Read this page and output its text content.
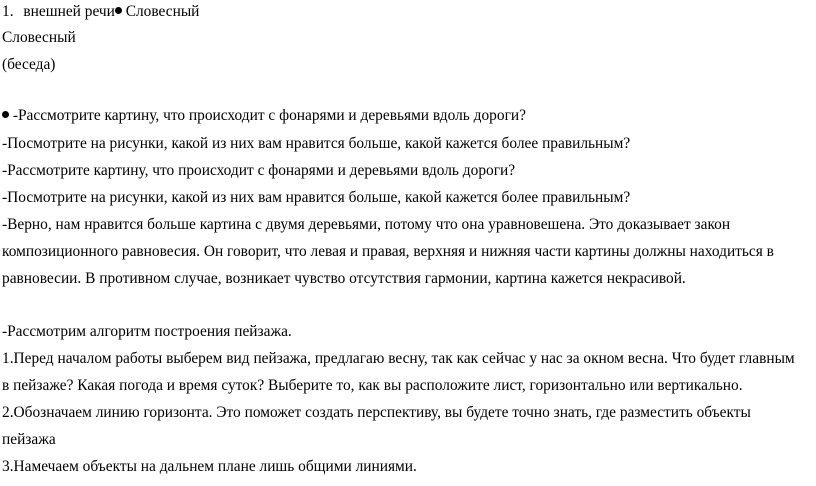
1. внешней речи Словесный
Словесный
(беседа)
-Рассмотрите картину, что происходит с фонарями и деревьями вдоль дороги?
-Посмотрите на рисунки, какой из них вам нравится больше, какой кажется более правильным?
-Рассмотрите картину, что происходит с фонарями и деревьями вдоль дороги?
-Посмотрите на рисунки, какой из них вам нравится больше, какой кажется более правильным?
-Верно, нам нравится больше картина с двумя деревьями, потому что она уравновешена. Это доказывает закон
композиционного равновесия. Он говорит, что левая и правая, верхняя и нижняя части картины должны находиться в
равновесии. В противном случае, возникает чувство отсутствия гармонии, картина кажется некрасивой.
-Рассмотрим алгоритм построения пейзажа.
1.Перед началом работы выберем вид пейзажа, предлагаю весну, так как сейчас у нас за окном весна. Что будет главным
в пейзаже? Какая погода и время суток? Выберите то, как вы расположите лист, горизонтально или вертикально.
2.Обозначаем линию горизонта. Это поможет создать перспективу, вы будете точно знать, где разместить объекты
пейзажа
3.Намечаем объекты на дальнем плане лишь общими линиями.
